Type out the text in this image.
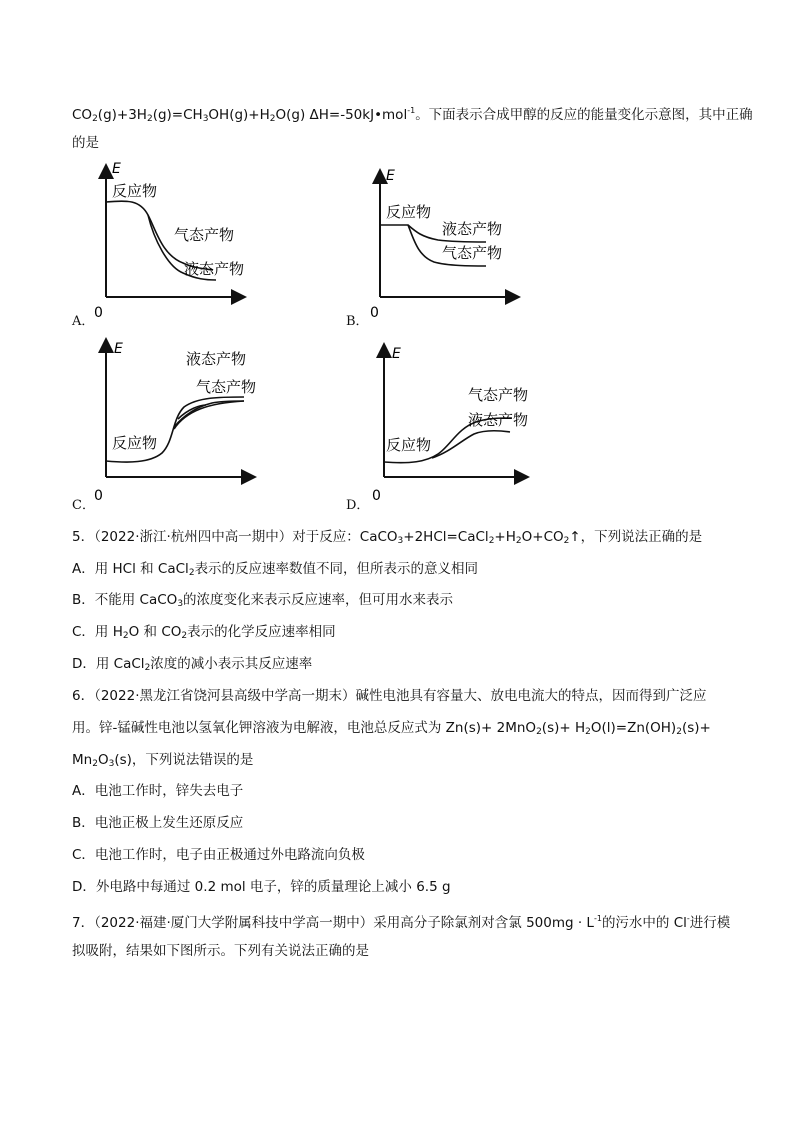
$CO_2(g)+3H_2(g)=CH_3OH(g)+H_2O(g)$ ΔH=-50kJ•mol$^{-1}$。下面表示合成甲醇的反应的能量变化示意图，其中正确
的是
A．
E
0
反应物
气态产物
液态产物
B．
E
0
反应物
液态产物
气态产物
C．
E
0
反应物
液态产物
气态产物
D．
E
0
反应物
气态产物
液态产物
5．（2022·浙江·杭州四中高一期中）对于反应：$CaCO_3+2HCl=CaCl_2+H_2O+CO_2↑$，下列说法正确的是
A．用 HCl 和 CaCl$_2$表示的反应速率数值不同，但所表示的意义相同
B．不能用 CaCO$_3$的浓度变化来表示反应速率，但可用水来表示
C．用 $H_2O$ 和 $CO_2$表示的化学反应速率相同
D．用 CaCl$_2$浓度的减小表示其反应速率
6．（2022·黑龙江省饶河县高级中学高一期末）碱性电池具有容量大、放电电流大的特点，因而得到广泛应
用。锌-锰碱性电池以氢氧化钾溶液为电解液，电池总反应式为 $Zn(s)+ 2MnO_2(s)+ H_2O(l)=Zn(OH)_2(s)+$
$Mn_2O_3(s)$，下列说法错误的是
A．电池工作时，锌失去电子
B．电池正极上发生还原反应
C．电池工作时，电子由正极通过外电路流向负极
D．外电路中每通过 0.2 mol 电子，锌的质量理论上减小 6.5 g
7．（2022·福建·厦门大学附属科技中学高一期中）采用高分子除氯剂对含氯 $500mg \cdot L^{-1}$的污水中的 Cl-进行模
拟吸附，结果如下图所示。下列有关说法正确的是
